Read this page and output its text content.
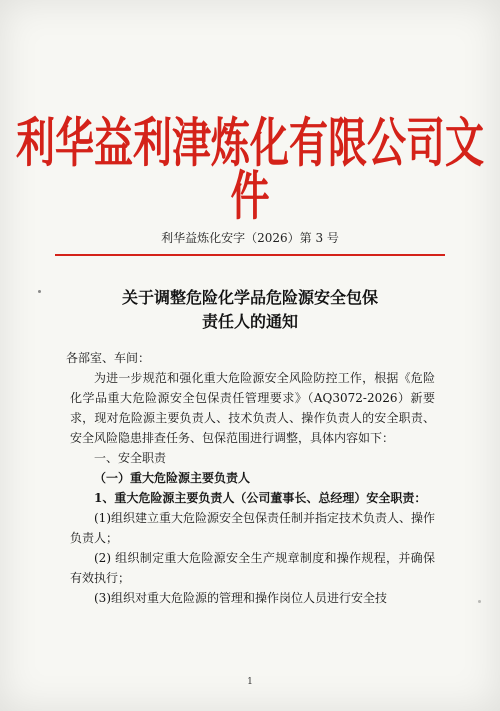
利华益利津炼化有限公司文件
利华益炼化安字（2026）第 3 号
关于调整危险化学品危险源安全包保
责任人的通知

各部室、车间：

为进一步规范和强化重大危险源安全风险防控工作，根据《危险化学品重大危险源安全包保责任管理要求》（AQ3072-2026）新要求，现对危险源主要负责人、技术负责人、操作负责人的安全职责、安全风险隐患排查任务、包保范围进行调整，具体内容如下：

一、安全职责

（一）重大危险源主要负责人

1、重大危险源主要负责人（公司董事长、总经理）安全职责：

(1)组织建立重大危险源安全包保责任制并指定技术负责人、操作负责人；

(2) 组织制定重大危险源安全生产规章制度和操作规程，并确保有效执行；

(3)组织对重大危险源的管理和操作岗位人员进行安全技

1
